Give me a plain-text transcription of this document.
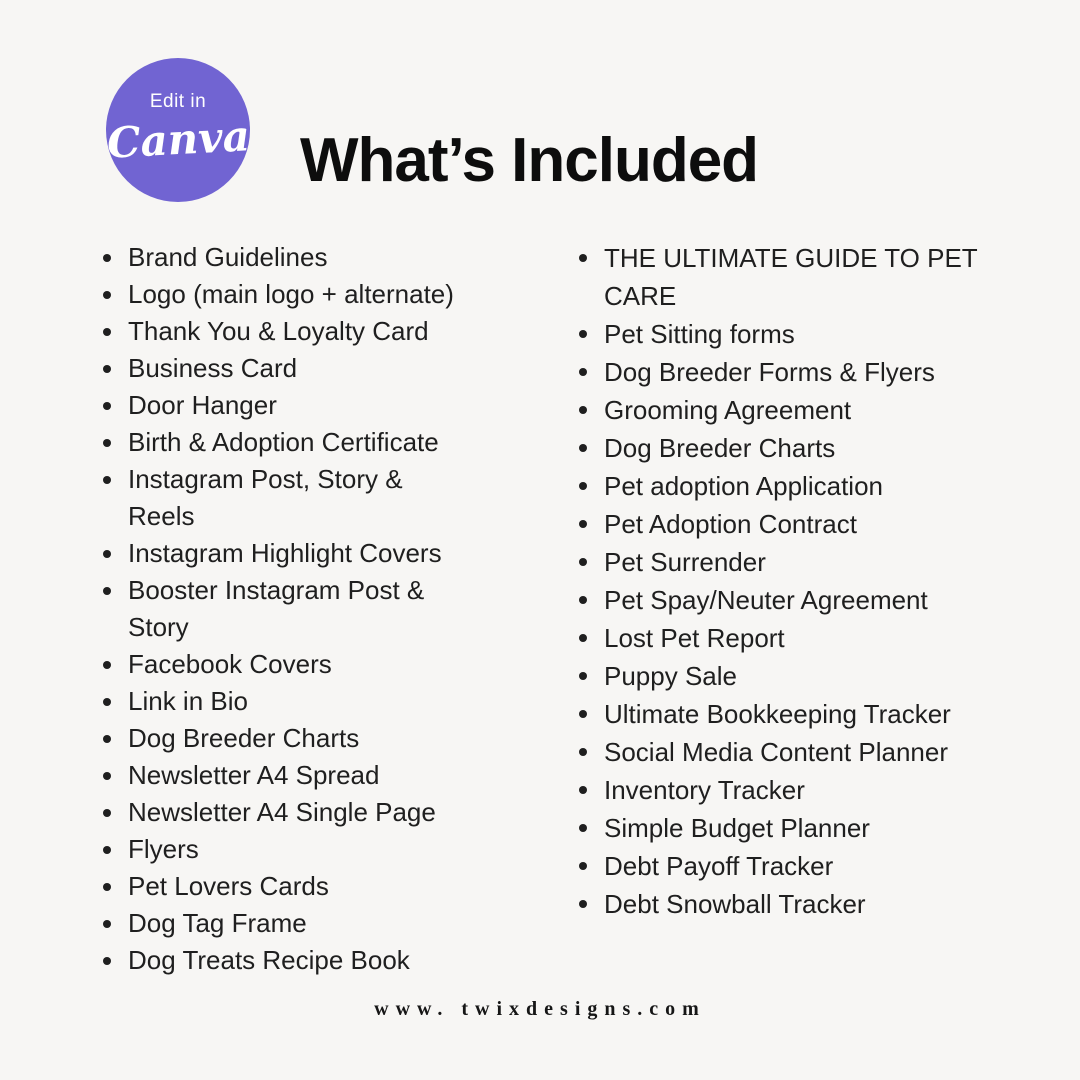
Edit in
Canva What’s Included
Brand Guidelines
Logo (main logo + alternate)
Thank You & Loyalty Card
Business Card
Door Hanger
Birth & Adoption Certificate
Instagram Post, Story & Reels
Instagram Highlight Covers
Booster Instagram Post & Story
Facebook Covers
Link in Bio
Dog Breeder Charts
Newsletter A4 Spread
Newsletter A4 Single Page
Flyers
Pet Lovers Cards
Dog Tag Frame
Dog Treats Recipe Book
THE ULTIMATE GUIDE TO PET CARE
Pet Sitting forms
Dog Breeder Forms & Flyers
Grooming Agreement
Dog Breeder Charts
Pet adoption Application
Pet Adoption Contract
Pet Surrender
Pet Spay/Neuter Agreement
Lost Pet Report
Puppy Sale
Ultimate Bookkeeping Tracker
Social Media Content Planner
Inventory Tracker
Simple Budget Planner
Debt Payoff Tracker
Debt Snowball Tracker
www. twixdesigns.com
